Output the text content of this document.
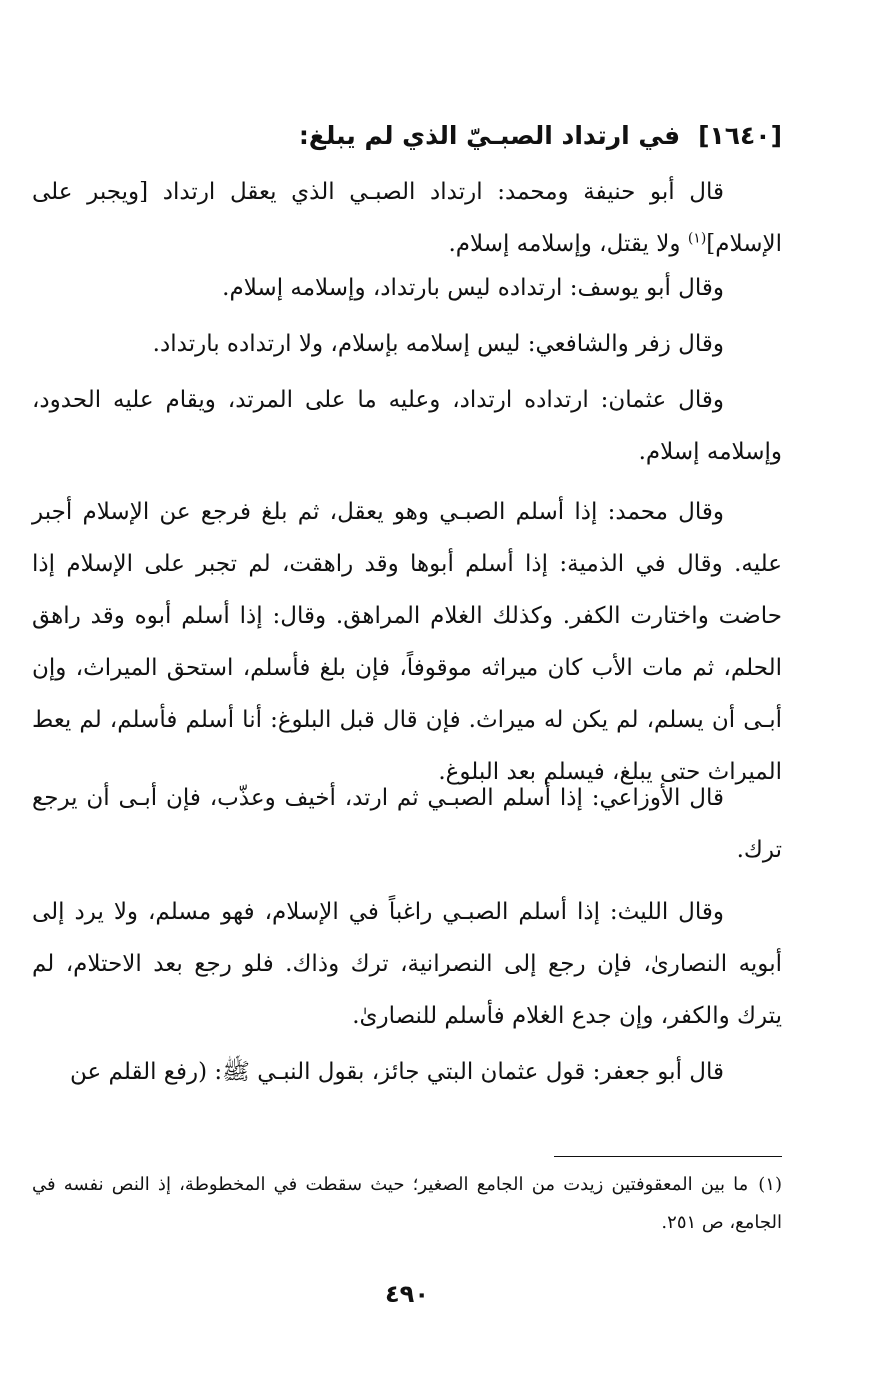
[١٦٤٠]في ارتداد الصبـيّ الذي لم يبلغ:

قال أبو حنيفة ومحمد: ارتداد الصبـي الذي يعقل ارتداد [ويجبر على الإسلام]$^{(١)}$ ولا يقتل، وإسلامه إسلام.

وقال أبو يوسف: ارتداده ليس بارتداد، وإسلامه إسلام.

وقال زفر والشافعي: ليس إسلامه بإسلام، ولا ارتداده بارتداد.

وقال عثمان: ارتداده ارتداد، وعليه ما على المرتد، ويقام عليه الحدود، وإسلامه إسلام.

وقال محمد: إذا أسلم الصبـي وهو يعقل، ثم بلغ فرجع عن الإسلام أجبر عليه. وقال في الذمية: إذا أسلم أبوها وقد راهقت، لم تجبر على الإسلام إذا حاضت واختارت الكفر. وكذلك الغلام المراهق. وقال: إذا أسلم أبوه وقد راهق الحلم، ثم مات الأب كان ميراثه موقوفاً، فإن بلغ فأسلم، استحق الميراث، وإن أبـى أن يسلم، لم يكن له ميراث. فإن قال قبل البلوغ: أنا أسلم فأسلم، لم يعط الميراث حتى يبلغ، فيسلم بعد البلوغ.

قال الأوزاعي: إذا أسلم الصبـي ثم ارتد، أخيف وعذّب، فإن أبـى أن يرجع ترك.

وقال الليث: إذا أسلم الصبـي راغباً في الإسلام، فهو مسلم، ولا يرد إلى أبويه النصارىٰ، فإن رجع إلى النصرانية، ترك وذاك. فلو رجع بعد الاحتلام، لم يترك والكفر، وإن جدع الغلام فأسلم للنصارىٰ.

قال أبو جعفر: قول عثمان البتي جائز، بقول النبـي ﷺ: (رفع القلم عن

(١)ما بين المعقوفتين زيدت من الجامع الصغير؛ حيث سقطت في المخطوطة، إذ النص نفسه في الجامع، ص ٢٥١.

٤٩٠
